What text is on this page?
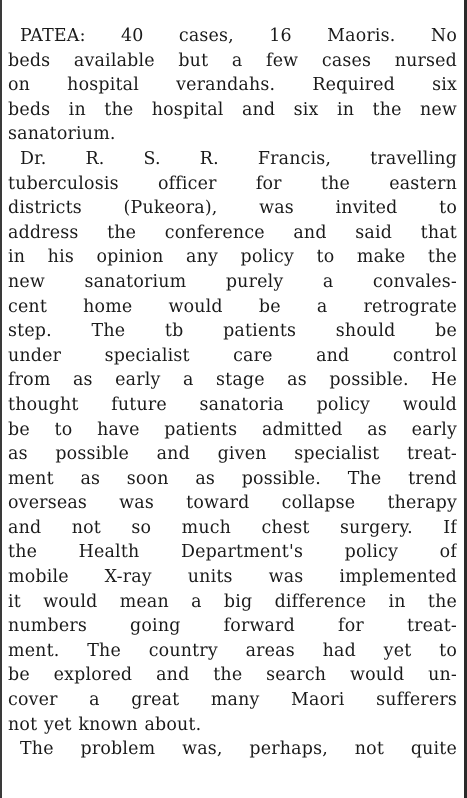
PATEA: 40 cases, 16 Maoris. No
beds available but a few cases nursed
on hospital verandahs. Required six
beds in the hospital and six in the new
sanatorium.
Dr. R. S. R. Francis, travelling
tuberculosis officer for the eastern
districts (Pukeora), was invited to
address the conference and said that
in his opinion any policy to make the
new sanatorium purely a convales-
cent home would be a retrograte
step. The tb patients should be
under specialist care and control
from as early a stage as possible. He
thought future sanatoria policy would
be to have patients admitted as early
as possible and given specialist treat-
ment as soon as possible. The trend
overseas was toward collapse therapy
and not so much chest surgery. If
the Health Department's policy of
mobile X-ray units was implemented
it would mean a big difference in the
numbers going forward for treat-
ment. The country areas had yet to
be explored and the search would un-
cover a great many Maori sufferers
not yet known about.
The problem was, perhaps, not quite
